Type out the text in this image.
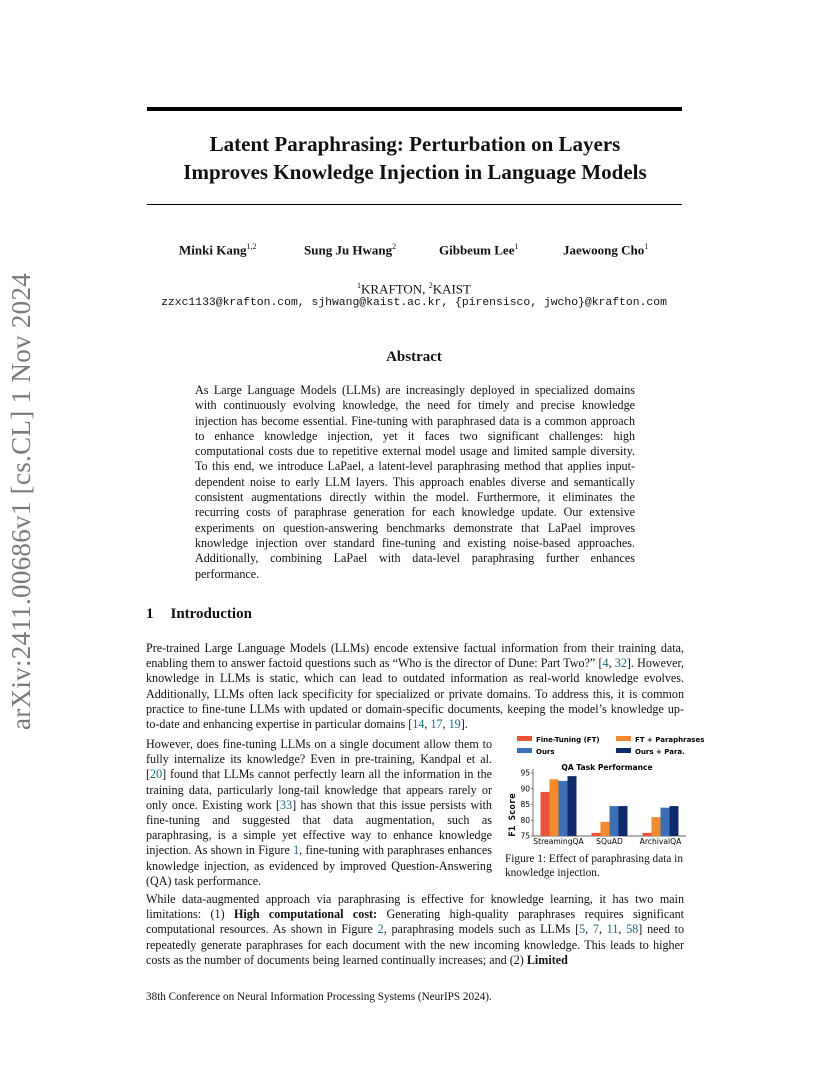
arXiv:2411.00686v1 [cs.CL] 1 Nov 2024
Latent Paraphrasing: Perturbation on Layers
Improves Knowledge Injection in Language Models
Minki Kang$^{1,2}$	Sung Ju Hwang$^2$	Gibbeum Lee$^1$	Jaewoong Cho$^1$
$^1$KRAFTON, $^2$KAIST
zzxc1133@krafton.com, sjhwang@kaist.ac.kr, {pirensisco, jwcho}@krafton.com
Abstract
As Large Language Models (LLMs) are increasingly deployed in specialized domains with continuously evolving knowledge, the need for timely and precise knowledge injection has become essential. Fine-tuning with paraphrased data is a common approach to enhance knowledge injection, yet it faces two significant challenges: high computational costs due to repetitive external model usage and limited sample diversity. To this end, we introduce LaPael, a latent-level paraphrasing method that applies input-dependent noise to early LLM layers. This approach enables diverse and semantically consistent augmentations directly within the model. Furthermore, it eliminates the recurring costs of paraphrase generation for each knowledge update. Our extensive experiments on question-answering benchmarks demonstrate that LaPael improves knowledge injection over standard fine-tuning and existing noise-based approaches. Additionally, combining LaPael with data-level paraphrasing further enhances performance.
1 Introduction
Pre-trained Large Language Models (LLMs) encode extensive factual information from their training data, enabling them to answer factoid questions such as “Who is the director of Dune: Part Two?” [4, 32]. However, knowledge in LLMs is static, which can lead to outdated information as real-world knowledge evolves. Additionally, LLMs often lack specificity for specialized or private domains. To address this, it is common practice to fine-tune LLMs with updated or domain-specific documents, keeping the model’s knowledge up-to-date and enhancing expertise in particular domains [14, 17, 19].
However, does fine-tuning LLMs on a single document allow them to fully internalize its knowledge? Even in pre-training, Kandpal et al. [20] found that LLMs cannot perfectly learn all the information in the training data, particularly long-tail knowledge that appears rarely or only once. Existing work [33] has shown that this issue persists with fine-tuning and suggested that data augmentation, such as paraphrasing, is a simple yet effective way to enhance knowledge injection. As shown in Figure 1, fine-tuning with paraphrases enhances knowledge injection, as evidenced by improved Question-Answering (QA) task performance.
Fine-Tuning (FT)	FT + Paraphrases
Ours	Ours + Para.
QA Task Performance
F1 Score 75
80
85
90
95
StreamingQA SQuAD ArchivalQA
Figure 1: Effect of paraphrasing data in knowledge injection.
While data-augmented approach via paraphrasing is effective for knowledge learning, it has two main limitations: (1) High computational cost: Generating high-quality paraphrases requires significant computational resources. As shown in Figure 2, paraphrasing models such as LLMs [5, 7, 11, 58] need to repeatedly generate paraphrases for each document with the new incoming knowledge. This leads to higher costs as the number of documents being learned continually increases; and (2) Limited
38th Conference on Neural Information Processing Systems (NeurIPS 2024).
